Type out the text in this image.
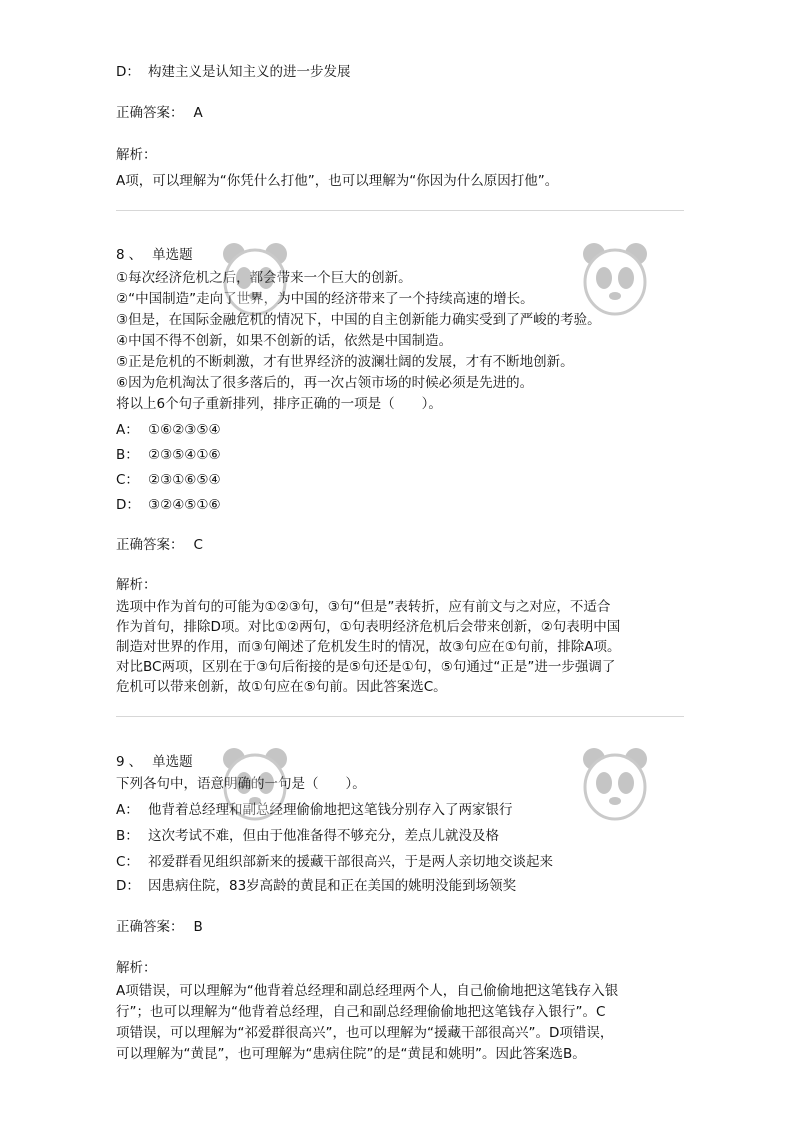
D： 构建主义是认知主义的进一步发展
正确答案： A
解析：
A项，可以理解为“你凭什么打他”，也可以理解为“你因为什么原因打他”。
8 、 单选题
①每次经济危机之后，都会带来一个巨大的创新。
②“中国制造”走向了世界，为中国的经济带来了一个持续高速的增长。
③但是，在国际金融危机的情况下，中国的自主创新能力确实受到了严峻的考验。
④中国不得不创新，如果不创新的话，依然是中国制造。
⑤正是危机的不断刺激，才有世界经济的波澜壮阔的发展，才有不断地创新。
⑥因为危机淘汰了很多落后的，再一次占领市场的时候必须是先进的。
将以上6个句子重新排列，排序正确的一项是（　　）。
A： ①⑥②③⑤④
B： ②③⑤④①⑥
C： ②③①⑥⑤④
D： ③②④⑤①⑥
正确答案： C
解析：
选项中作为首句的可能为①②③句，③句“但是”表转折，应有前文与之对应，不适合
作为首句，排除D项。对比①②两句，①句表明经济危机后会带来创新，②句表明中国
制造对世界的作用，而③句阐述了危机发生时的情况，故③句应在①句前，排除A项。
对比BC两项，区别在于③句后衔接的是⑤句还是①句，⑤句通过“正是”进一步强调了
危机可以带来创新，故①句应在⑤句前。因此答案选C。
9 、 单选题
下列各句中，语意明确的一句是（　　）。
A： 他背着总经理和副总经理偷偷地把这笔钱分别存入了两家银行
B： 这次考试不难，但由于他准备得不够充分，差点儿就没及格
C： 祁爱群看见组织部新来的援藏干部很高兴，于是两人亲切地交谈起来
D： 因患病住院，83岁高龄的黄昆和正在美国的姚明没能到场领奖
正确答案： B
解析：
A项错误，可以理解为“他背着总经理和副总经理两个人，自己偷偷地把这笔钱存入银
行”；也可以理解为“他背着总经理，自己和副总经理偷偷地把这笔钱存入银行”。C
项错误，可以理解为“祁爱群很高兴”，也可以理解为“援藏干部很高兴”。D项错误，
可以理解为“黄昆”，也可理解为“患病住院”的是“黄昆和姚明”。因此答案选B。
